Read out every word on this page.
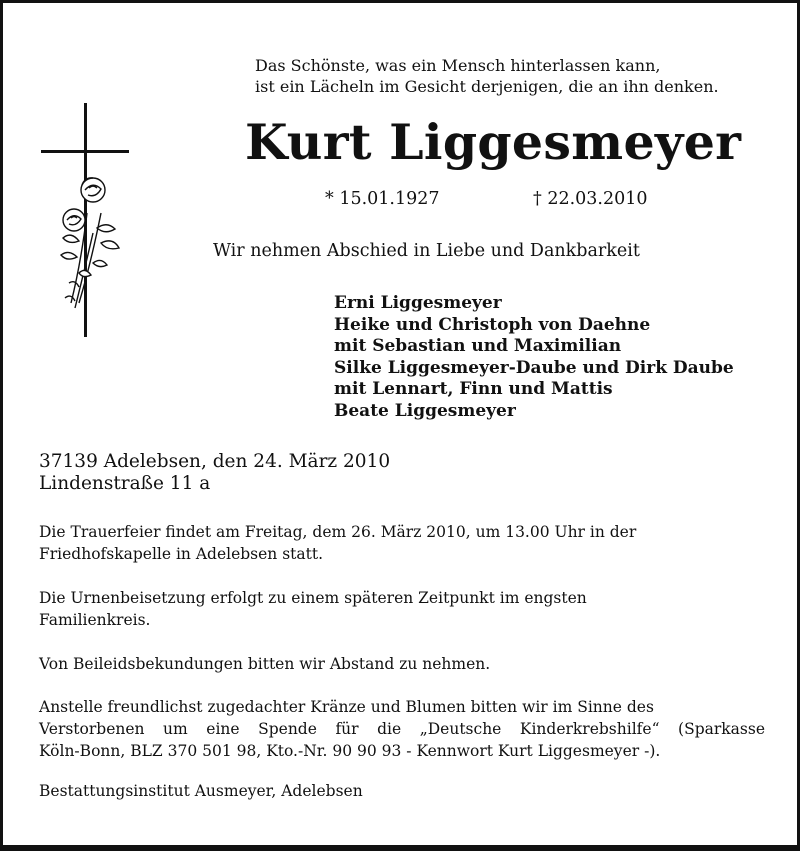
Das Schönste, was ein Mensch hinterlassen kann,
ist ein Lächeln im Gesicht derjenigen, die an ihn denken.
Kurt Liggesmeyer
* 15.01.1927	† 22.03.2010
Wir nehmen Abschied in Liebe und Dankbarkeit
Erni Liggesmeyer
Heike und Christoph von Daehne
mit Sebastian und Maximilian
Silke Liggesmeyer-Daube und Dirk Daube
mit Lennart, Finn und Mattis
Beate Liggesmeyer
37139 Adelebsen, den 24. März 2010
Lindenstraße 11 a

Die Trauerfeier findet am Freitag, dem 26. März 2010, um 13.00 Uhr in der
Friedhofskapelle in Adelebsen statt.

Die Urnenbeisetzung erfolgt zu einem späteren Zeitpunkt im engsten
Familienkreis.

Von Beileidsbekundungen bitten wir Abstand zu nehmen.

Anstelle freundlichst zugedachter Kränze und Blumen bitten wir im Sinne des
Verstorbenen um eine Spende für die „Deutsche Kinderkrebshilfe“ (Sparkasse
Köln-Bonn, BLZ 370 501 98, Kto.-Nr. 90 90 93 - Kennwort Kurt Liggesmeyer -).

Bestattungsinstitut Ausmeyer, Adelebsen
